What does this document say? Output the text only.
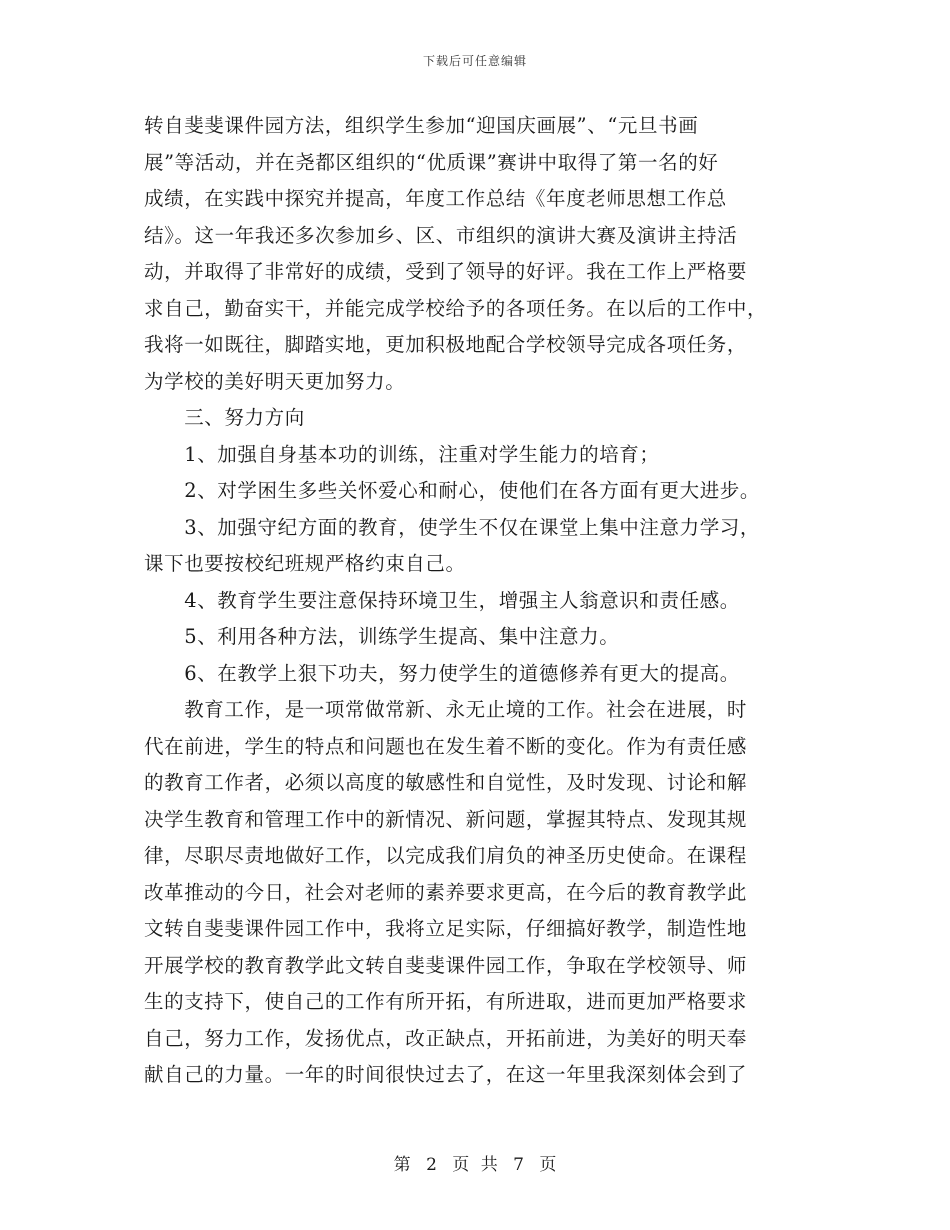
下载后可任意编辑
转自斐斐课件园方法，组织学生参加“迎国庆画展”、“元旦书画
展”等活动，并在尧都区组织的“优质课”赛讲中取得了第一名的好
成绩，在实践中探究并提高，年度工作总结《年度老师思想工作总
结》。这一年我还多次参加乡、区、市组织的演讲大赛及演讲主持活
动，并取得了非常好的成绩，受到了领导的好评。我在工作上严格要
求自己，勤奋实干，并能完成学校给予的各项任务。在以后的工作中，
我将一如既往，脚踏实地，更加积极地配合学校领导完成各项任务，
为学校的美好明天更加努力。
　　三、努力方向
　　1、加强自身基本功的训练，注重对学生能力的培育；
　　2、对学困生多些关怀爱心和耐心，使他们在各方面有更大进步。
　　3、加强守纪方面的教育，使学生不仅在课堂上集中注意力学习，
课下也要按校纪班规严格约束自己。
　　4、教育学生要注意保持环境卫生，增强主人翁意识和责任感。
　　5、利用各种方法，训练学生提高、集中注意力。
　　6、在教学上狠下功夫，努力使学生的道德修养有更大的提高。
　　教育工作，是一项常做常新、永无止境的工作。社会在进展，时
代在前进，学生的特点和问题也在发生着不断的变化。作为有责任感
的教育工作者，必须以高度的敏感性和自觉性，及时发现、讨论和解
决学生教育和管理工作中的新情况、新问题，掌握其特点、发现其规
律，尽职尽责地做好工作，以完成我们肩负的神圣历史使命。在课程
改革推动的今日，社会对老师的素养要求更高，在今后的教育教学此
文转自斐斐课件园工作中，我将立足实际，仔细搞好教学，制造性地
开展学校的教育教学此文转自斐斐课件园工作，争取在学校领导、师
生的支持下，使自己的工作有所开拓，有所进取，进而更加严格要求
自己，努力工作，发扬优点，改正缺点，开拓前进，为美好的明天奉
献自己的力量。一年的时间很快过去了，在这一年里我深刻体会到了
第 2 页 共 7 页
